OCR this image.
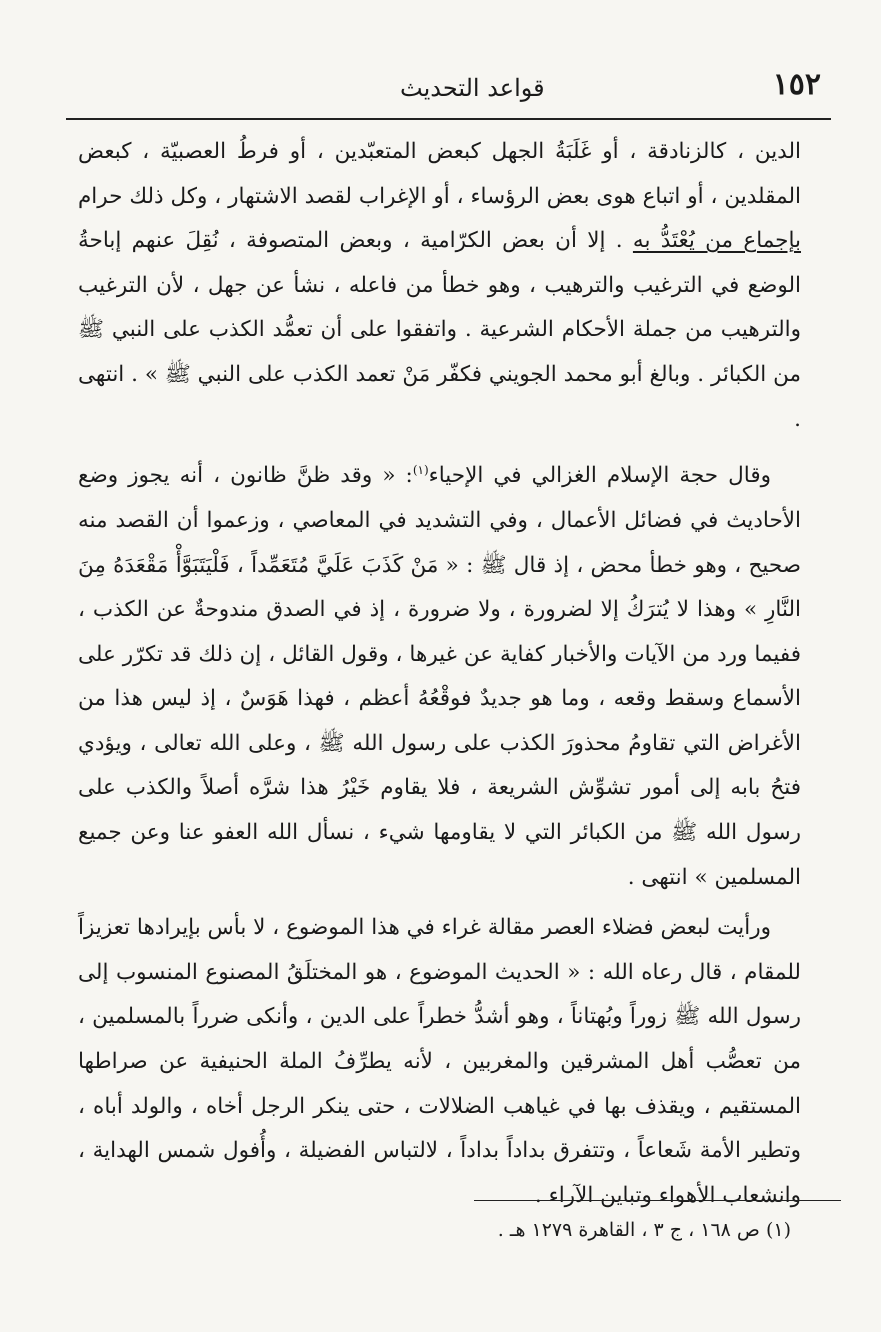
١٥٢
قواعد التحديث

الدين ، كالزنادقة ، أو غَلَبَةُ الجهل كبعض المتعبّدين ، أو فرطُ العصبيّة ، كبعض المقلدين ، أو اتباع هوى بعض الرؤساء ، أو الإغراب لقصد الاشتهار ، وكل ذلك حرام بإجماع من يُعْتَدُّ به . إلا أن بعض الكرّامية ، وبعض المتصوفة ، نُقِلَ عنهم إباحةُ الوضع في الترغيب والترهيب ، وهو خطأ من فاعله ، نشأ عن جهل ، لأن الترغيب والترهيب من جملة الأحكام الشرعية . واتفقوا على أن تعمُّد الكذب على النبي ﷺ من الكبائر . وبالغ أبو محمد الجويني فكفّر مَنْ تعمد الكذب على النبي ﷺ » . انتهى .

وقال حجة الإسلام الغزالي في الإحياء$^{(١)}$: « وقد ظنَّ ظانون ، أنه يجوز وضع الأحاديث في فضائل الأعمال ، وفي التشديد في المعاصي ، وزعموا أن القصد منه صحيح ، وهو خطأ محض ، إذ قال ﷺ : « مَنْ كَذَبَ عَلَيَّ مُتَعَمِّداً ، فَلْيَتَبَوَّأْ مَقْعَدَهُ مِنَ النَّارِ » وهذا لا يُترَكُ إلا لضرورة ، ولا ضرورة ، إذ في الصدق مندوحةٌ عن الكذب ، ففيما ورد من الآيات والأخبار كفاية عن غيرها ، وقول القائل ، إن ذلك قد تكرّر على الأسماع وسقط وقعه ، وما هو جديدٌ فوقْعُهُ أعظم ، فهذا هَوَسٌ ، إذ ليس هذا من الأغراض التي تقاومُ محذورَ الكذب على رسول الله ﷺ ، وعلى الله تعالى ، ويؤدي فتحُ بابه إلى أمور تشوِّش الشريعة ، فلا يقاوم خَيْرُ هذا شرَّه أصلاً والكذب على رسول الله ﷺ من الكبائر التي لا يقاومها شيء ، نسأل الله العفو عنا وعن جميع المسلمين » انتهى .

ورأيت لبعض فضلاء العصر مقالة غراء في هذا الموضوع ، لا بأس بإيرادها تعزيزاً للمقام ، قال رعاه الله : « الحديث الموضوع ، هو المختلَقُ المصنوع المنسوب إلى رسول الله ﷺ زوراً وبُهتاناً ، وهو أشدُّ خطراً على الدين ، وأنكى ضرراً بالمسلمين ، من تعصُّب أهل المشرقين والمغربين ، لأنه يطرِّفُ الملة الحنيفية عن صراطها المستقيم ، ويقذف بها في غياهب الضلالات ، حتى ينكر الرجل أخاه ، والولد أباه ، وتطير الأمة شَعاعاً ، وتتفرق بداداً بداداً ، لالتباس الفضيلة ، وأُفول شمس الهداية ، وانشعاب الأهواء وتباين الآراء .

(١) ص ١٦٨ ، ج ٣ ، القاهرة ١٢٧٩ هـ .
